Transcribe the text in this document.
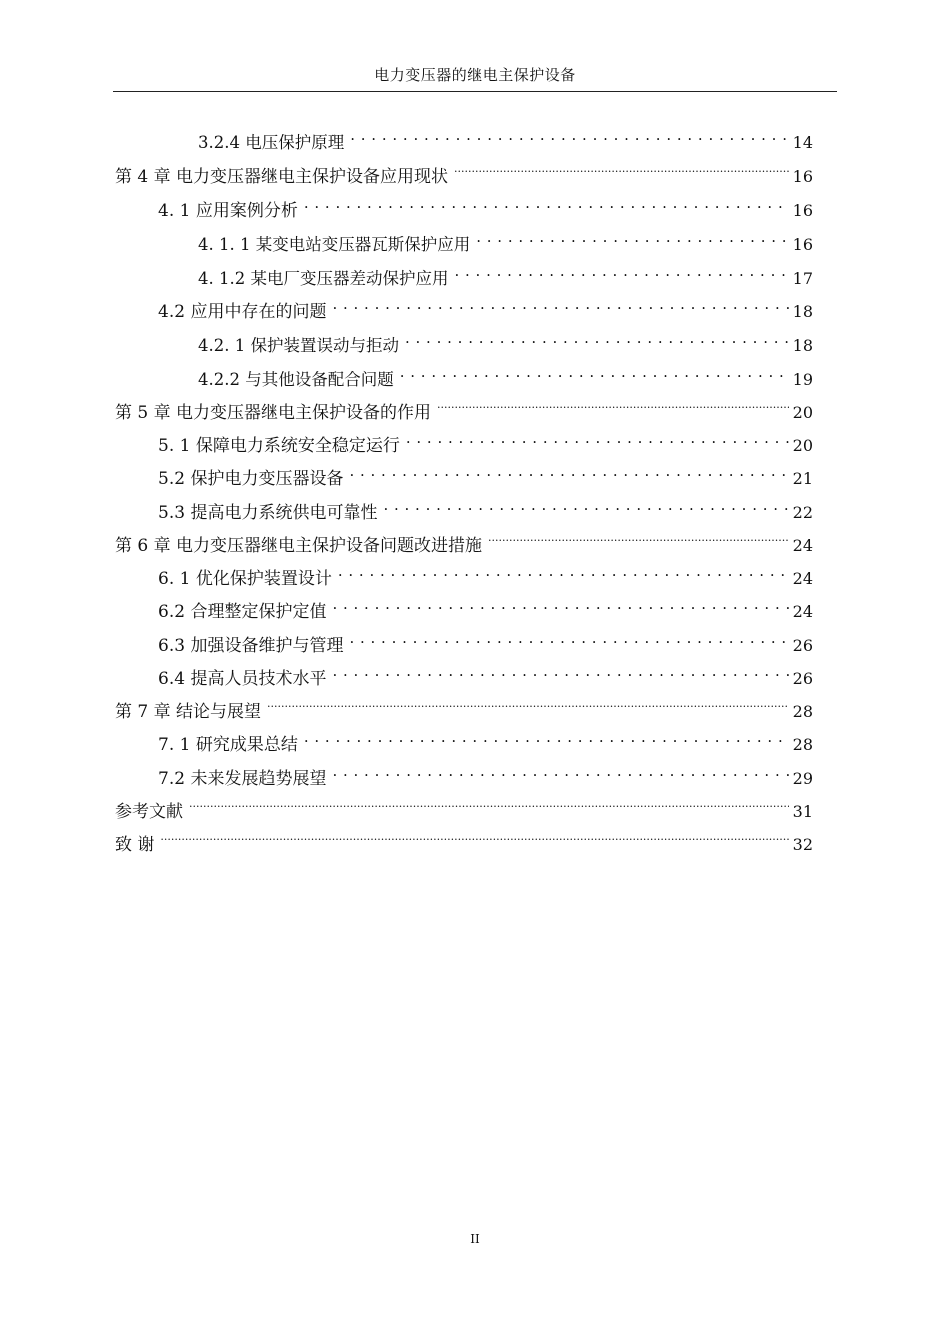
电力变压器的继电主保护设备
3.2.4 电压保护原理 . . .	14
第 4 章 电力变压器继电主保护设备应用现状 .....	16
4. 1 应用案例分析 . . .	16
4. 1. 1 某变电站变压器瓦斯保护应用 . . .	16
4. 1.2 某电厂变压器差动保护应用 . . .	17
4.2 应用中存在的问题 . . .	18
4.2. 1 保护装置误动与拒动 . . .	18
4.2.2 与其他设备配合问题 . . .	19
第 5 章 电力变压器继电主保护设备的作用 .....	20
5. 1 保障电力系统安全稳定运行 . . .	20
5.2 保护电力变压器设备 . . .	21
5.3 提高电力系统供电可靠性 . . .	22
第 6 章 电力变压器继电主保护设备问题改进措施 .....	24
6. 1 优化保护装置设计 . . .	24
6.2 合理整定保护定值 . . .	24
6.3 加强设备维护与管理 . . .	26
6.4 提高人员技术水平 . . .	26
第 7 章 结论与展望 .....	28
7. 1 研究成果总结 . . .	28
7.2 未来发展趋势展望 . . .	29
参考文献 .....	31
致 谢 .....	32
II
